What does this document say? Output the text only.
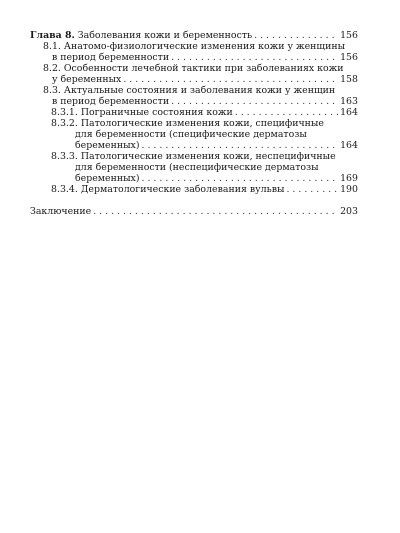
Глава 8. Заболевания кожи и беременность . . .	156
8.1. Анатомо-физиологические изменения кожи у женщины
в период беременности . . .	156
8.2. Особенности лечебной тактики при заболеваниях кожи
у беременных . . .	158
8.3. Актуальные состояния и заболевания кожи у женщин
в период беременности . . .	163
8.3.1. Пограничные состояния кожи . . .	164
8.3.2. Патологические изменения кожи, специфичные
для беременности (специфические дерматозы
беременных) . . .	164
8.3.3. Патологические изменения кожи, неспецифичные
для беременности (неспецифические дерматозы
беременных) . . .	169
8.3.4. Дерматологические заболевания вульвы . . .	190
Заключение . . .	203
